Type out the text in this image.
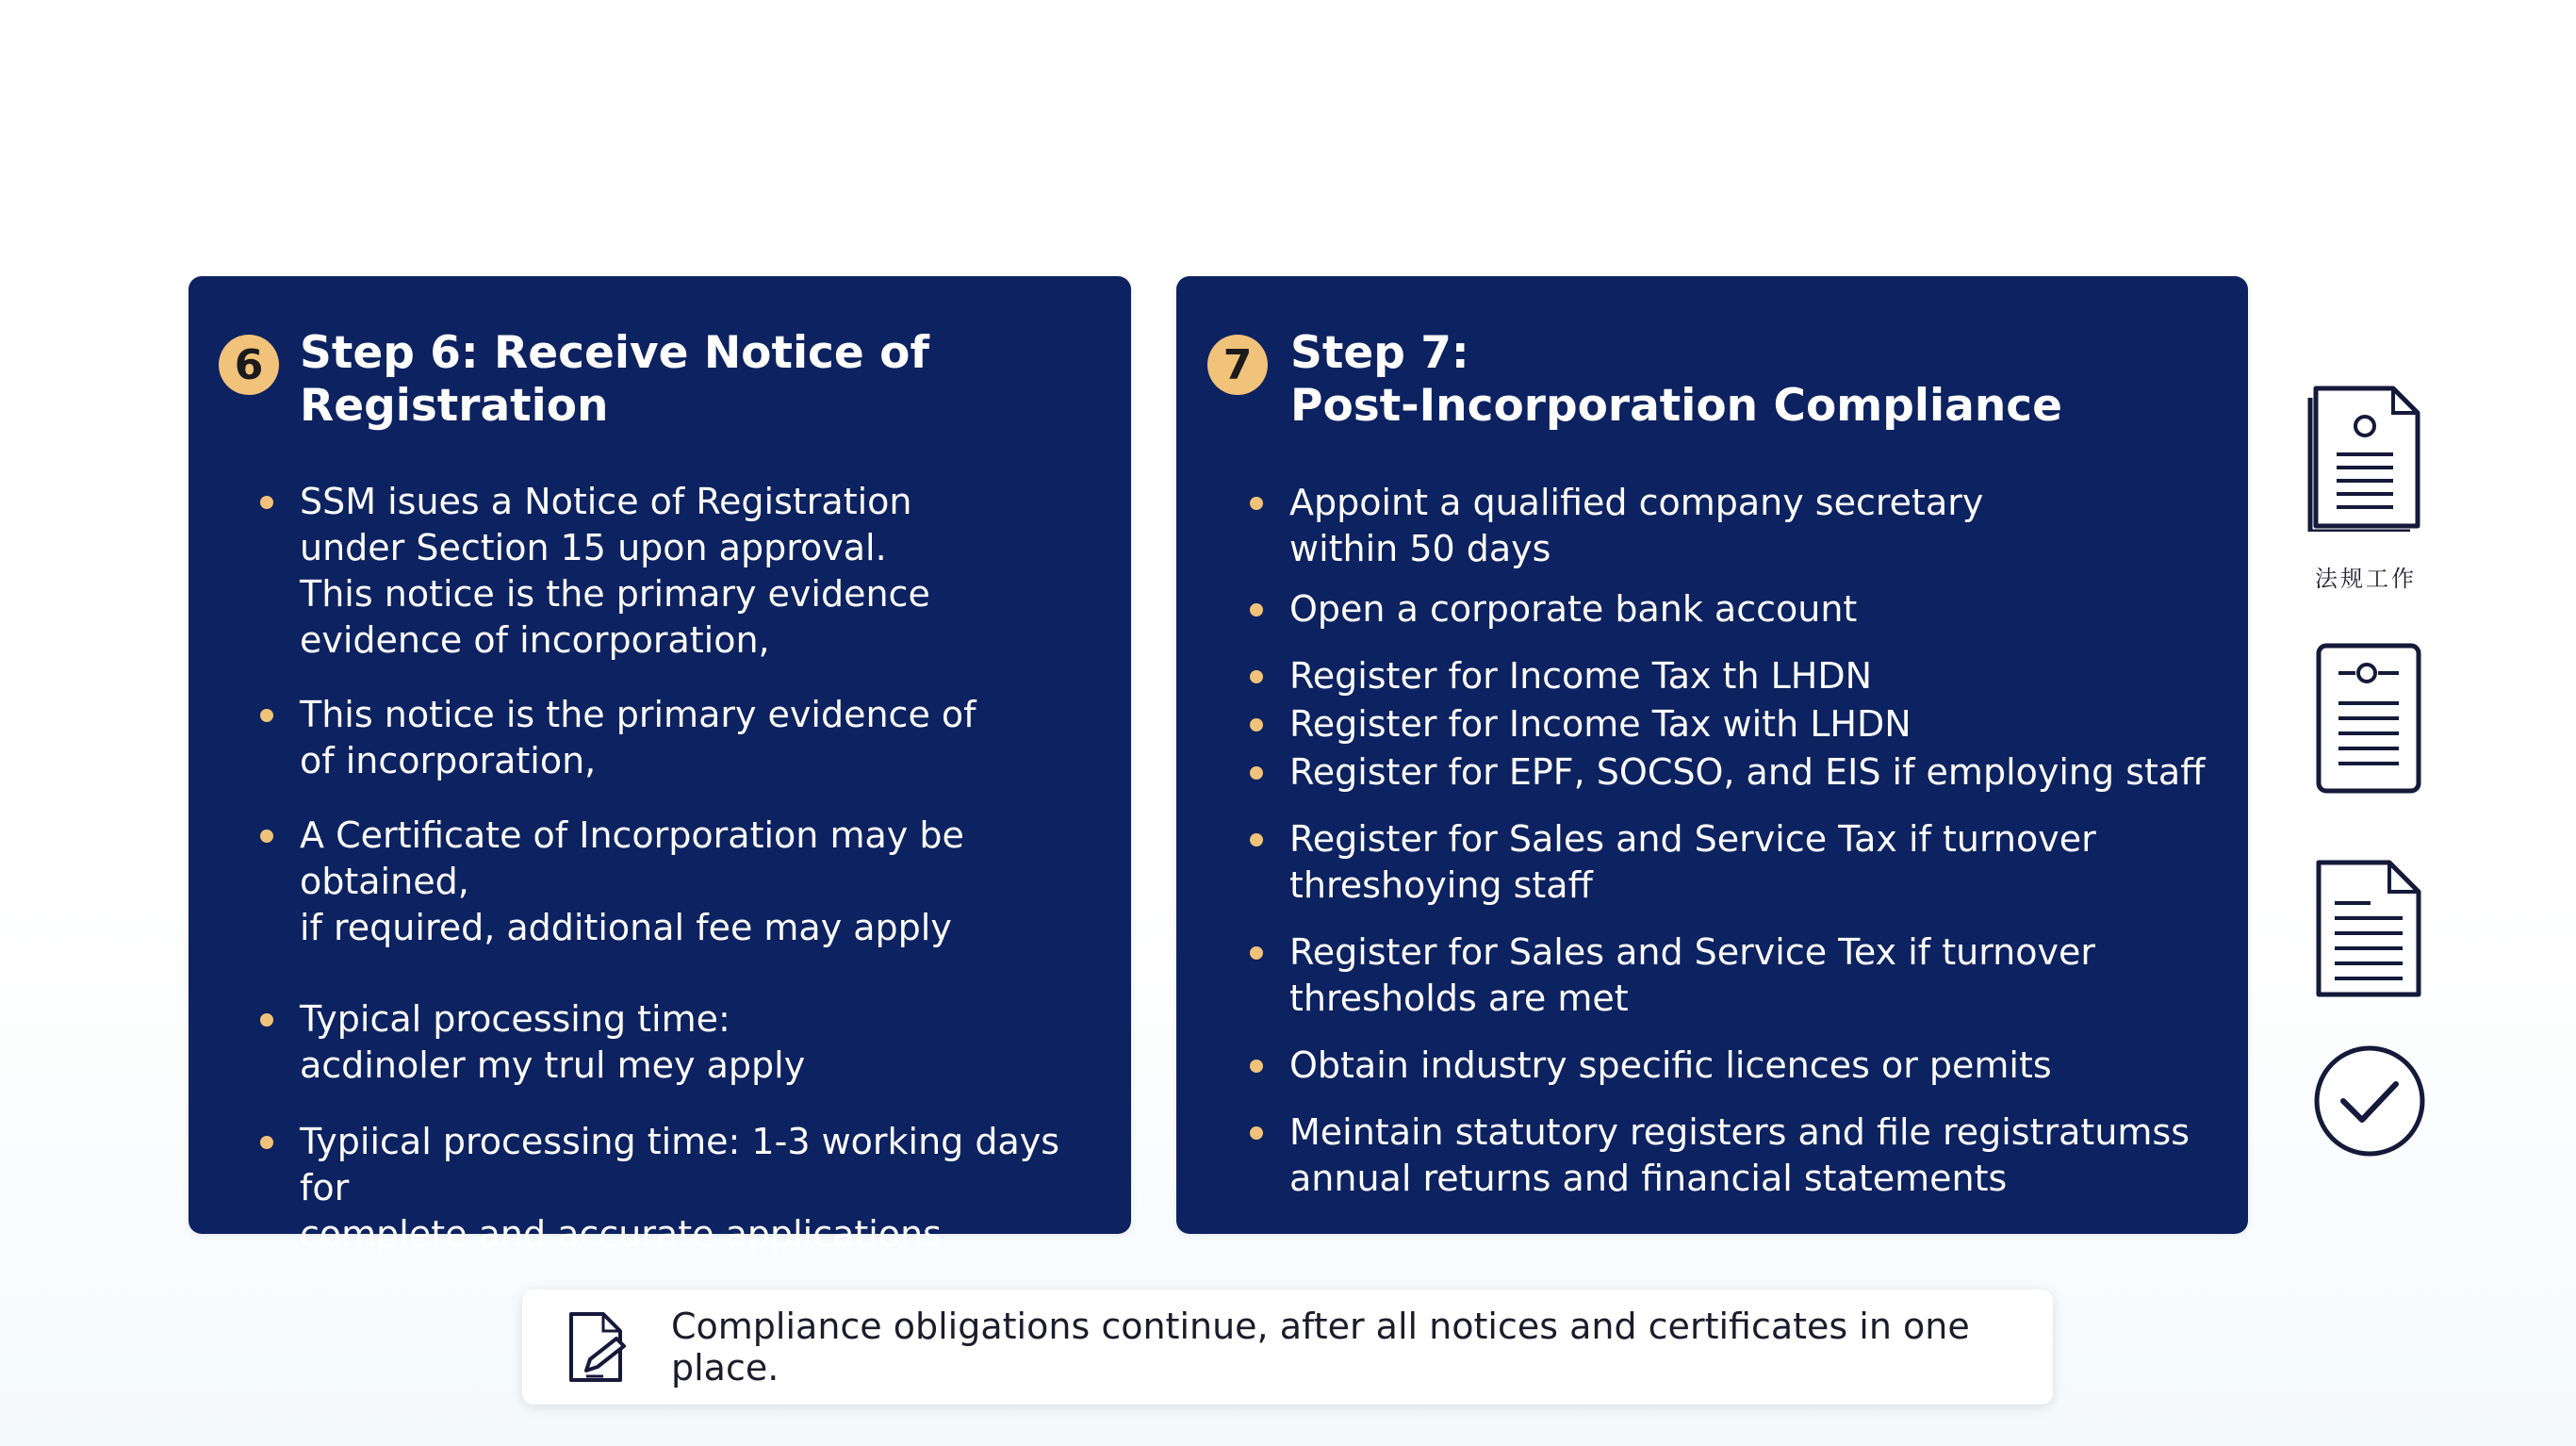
6 Step 6: Receive Notice of
Registration
SSM isues a Notice of Registration
under Section 15 upon approval.
This notice is the primary evidence
evidence of incorporation,
This notice is the primary evidence of
of incorporation,
A Certificate of Incorporation may be obtained,
if required, additional fee may apply
Typical processing time:
acdinoler my trul mey apply
Typiical processing time: 1-3 working days for
complete and accurate applications
7 Step 7:
Post-Incorporation Compliance
Appoint a qualified company secretary
within 50 days
Open a corporate bank account
Register for Income Tax th LHDN
Register for Income Tax with LHDN
Register for EPF, SOCSO, and EIS if employing staff
Register for Sales and Service Tax if turnover
threshoying staff
Register for Sales and Service Tex if turnover
thresholds are met
Obtain industry specific licences or pemits
Meintain statutory registers and file registratumss
annual returns and financial statements
法规工作
Compliance obligations continue, after all notices and certificates in one place.
